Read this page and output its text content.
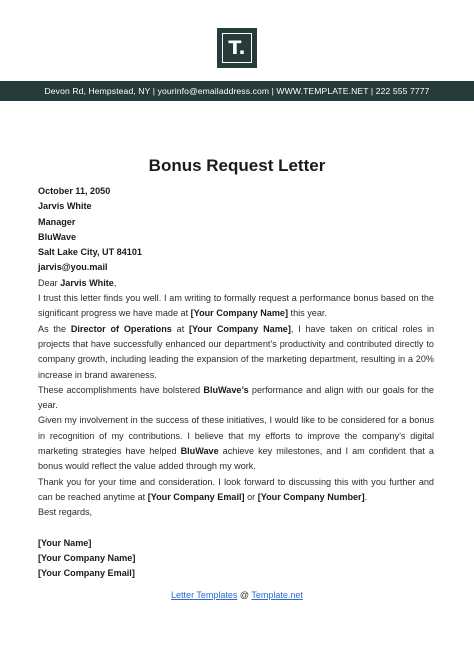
T.
Devon Rd, Hempstead, NY | yourinfo@emailaddress.com | WWW.TEMPLATE.NET | 222 555 7777
Bonus Request Letter
October 11, 2050
Jarvis White
Manager
BluWave
Salt Lake City, UT 84101
jarvis@you.mail
Dear Jarvis White,

I trust this letter finds you well. I am writing to formally request a performance bonus based on the significant progress we have made at [Your Company Name] this year.

As the Director of Operations at [Your Company Name], I have taken on critical roles in projects that have successfully enhanced our department’s productivity and contributed directly to company growth, including leading the expansion of the marketing department, resulting in a 20% increase in brand awareness.

These accomplishments have bolstered BluWave’s performance and align with our goals for the year.

Given my involvement in the success of these initiatives, I would like to be considered for a bonus in recognition of my contributions. I believe that my efforts to improve the company’s digital marketing strategies have helped BluWave achieve key milestones, and I am confident that a bonus would reflect the value added through my work.

Thank you for your time and consideration. I look forward to discussing this with you further and can be reached anytime at [Your Company Email] or [Your Company Number].

Best regards,
[Your Name]
[Your Company Name]
[Your Company Email]
Letter Templates @ Template.net
